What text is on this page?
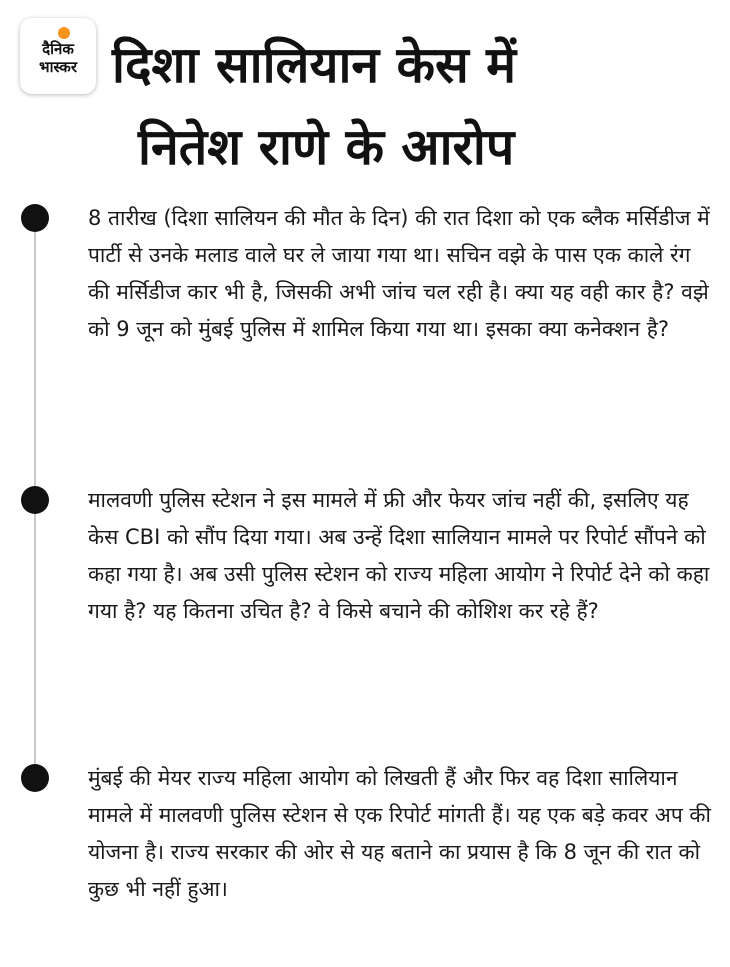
दैनिक
भास्कर दिशा सालियान केस में
नितेश राणे के आरोप

8 तारीख (दिशा सालियन की मौत के दिन) की रात दिशा को एक ब्लैक मर्सिडीज में पार्टी से उनके मलाड वाले घर ले जाया गया था। सचिन वझे के पास एक काले रंग की मर्सिडीज कार भी है, जिसकी अभी जांच चल रही है। क्या यह वही कार है? वझे को 9 जून को मुंबई पुलिस में शामिल किया गया था। इसका क्या कनेक्शन है?

मालवणी पुलिस स्टेशन ने इस मामले में फ्री और फेयर जांच नहीं की, इसलिए यह केस CBI को सौंप दिया गया। अब उन्हें दिशा सालियान मामले पर रिपोर्ट सौंपने को कहा गया है। अब उसी पुलिस स्टेशन को राज्य महिला आयोग ने रिपोर्ट देने को कहा गया है? यह कितना उचित है? वे किसे बचाने की कोशिश कर रहे हैं?

मुंबई की मेयर राज्य महिला आयोग को लिखती हैं और फिर वह दिशा सालियान मामले में मालवणी पुलिस स्टेशन से एक रिपोर्ट मांगती हैं। यह एक बड़े कवर अप की योजना है। राज्य सरकार की ओर से यह बताने का प्रयास है कि 8 जून की रात को कुछ भी नहीं हुआ।
